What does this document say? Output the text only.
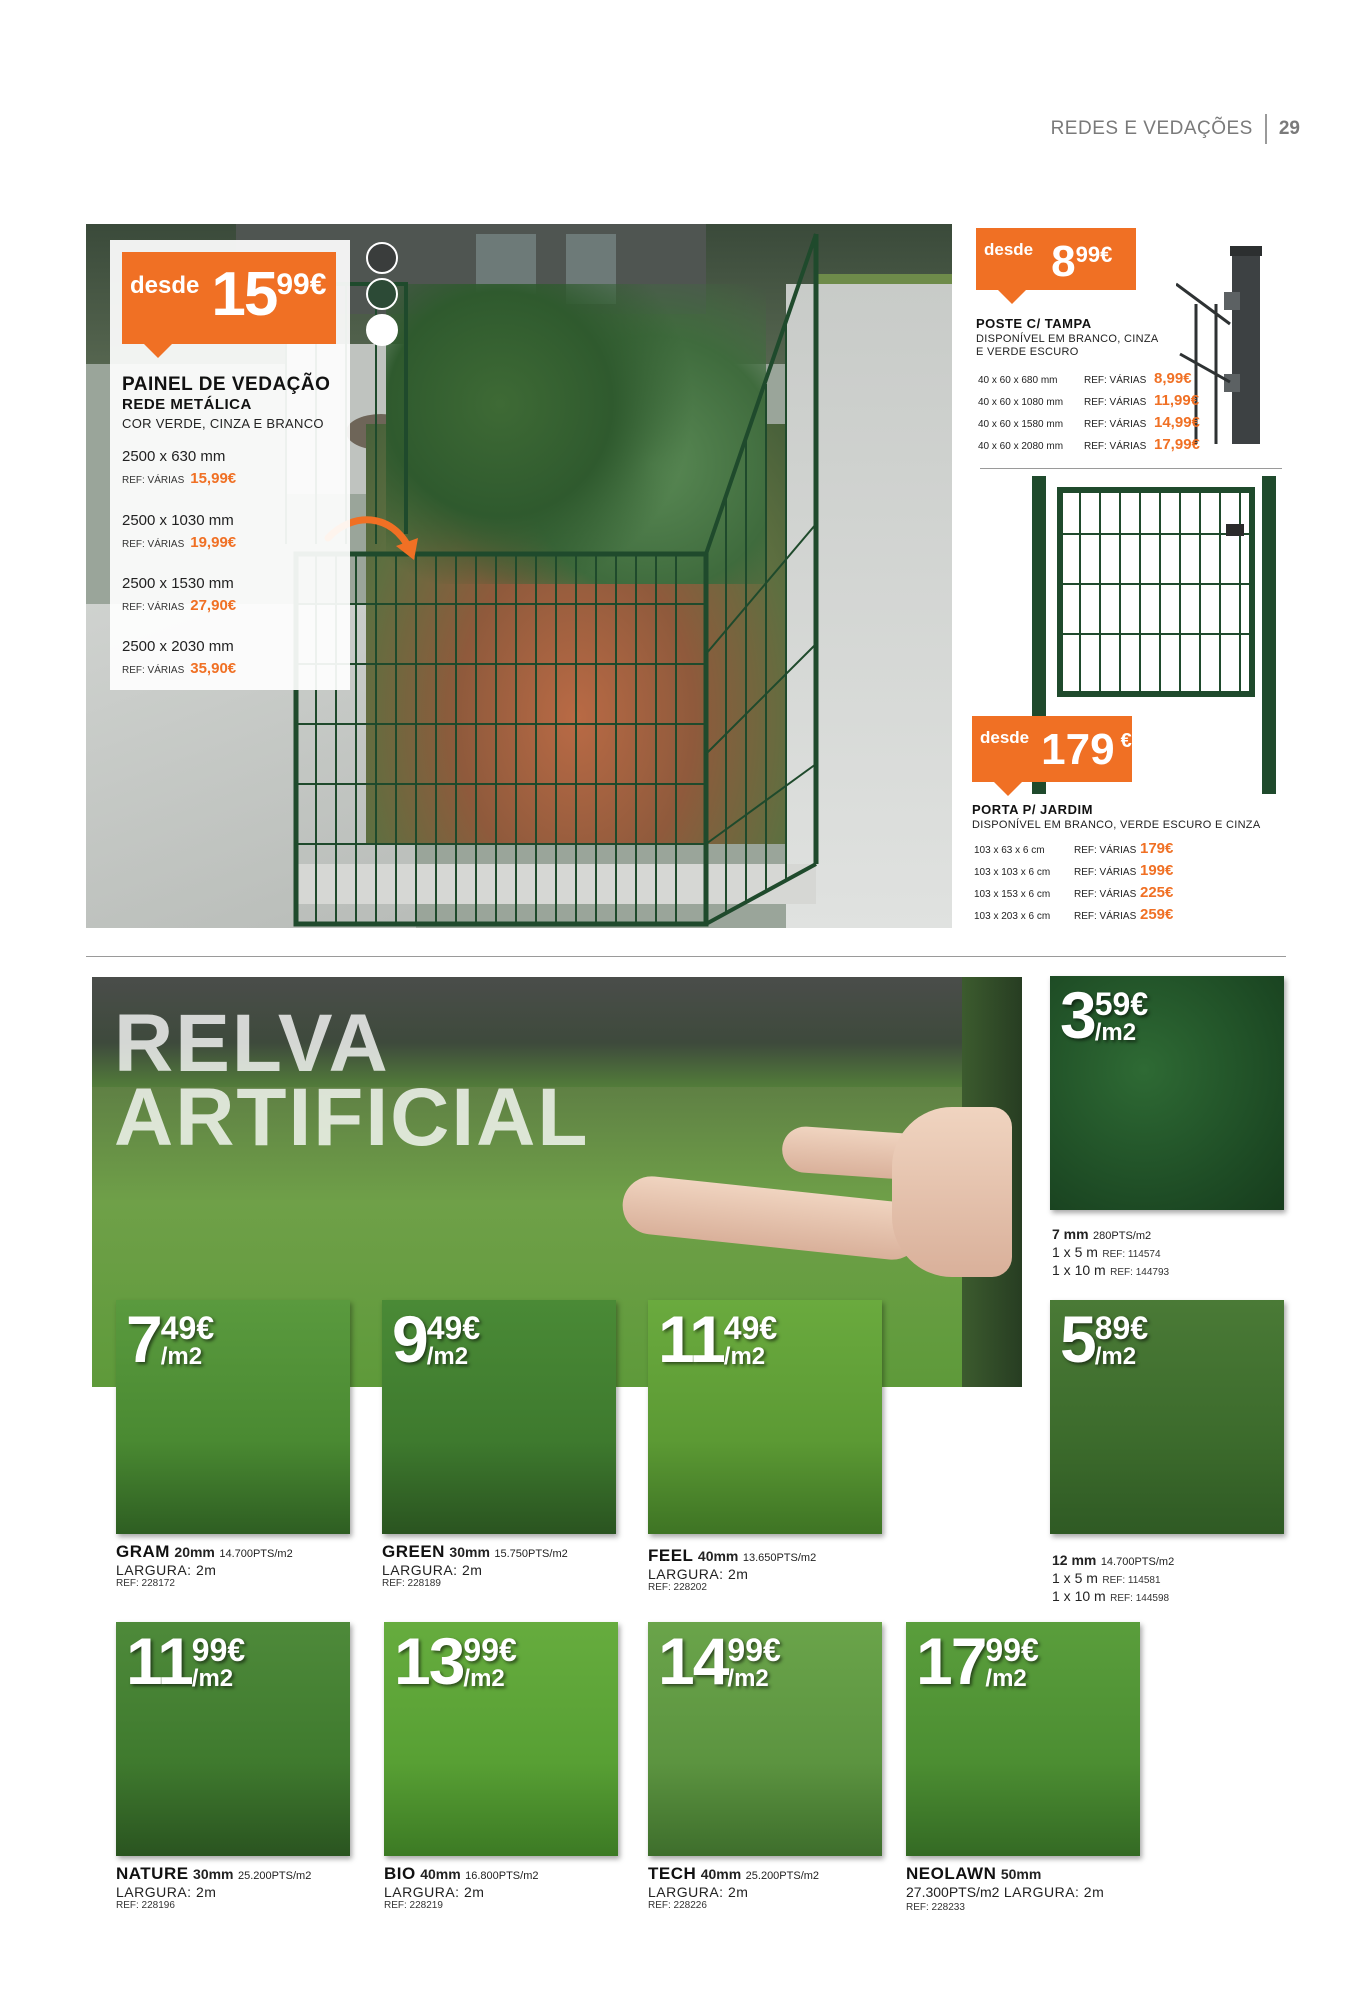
REDES E VEDAÇÕES	29
desde 15 99€
PAINEL DE VEDAÇÃO
REDE METÁLICA
COR VERDE, CINZA E BRANCO
2500 x 630 mm
REF: VÁRIAS 15,99€
2500 x 1030 mm
REF: VÁRIAS 19,99€
2500 x 1530 mm
REF: VÁRIAS 27,90€
2500 x 2030 mm
REF: VÁRIAS 35,90€
desde 8 99€
POSTE C/ TAMPA
DISPONÍVEL EM BRANCO, CINZA
E VERDE ESCURO
40 x 60 x 680 mm	REF: VÁRIAS 8,99€
40 x 60 x 1080 mm	REF: VÁRIAS 11,99€
40 x 60 x 1580 mm	REF: VÁRIAS 14,99€
40 x 60 x 2080 mm	REF: VÁRIAS 17,99€
desde 179 €
PORTA P/ JARDIM
DISPONÍVEL EM BRANCO, VERDE ESCURO E CINZA
103 x 63 x 6 cm	REF: VÁRIAS 179€
103 x 103 x 6 cm	REF: VÁRIAS 199€
103 x 153 x 6 cm	REF: VÁRIAS 225€
103 x 203 x 6 cm	REF: VÁRIAS 259€
RELVA
ARTIFICIAL
3 59€
/m2
7 mm 280PTS/m2
1 x 5 m REF: 114574
1 x 10 m REF: 144793
5 89€
/m2
12 mm 14.700PTS/m2
1 x 5 m REF: 114581
1 x 10 m REF: 144598
7 49€
/m2
GRAM 20mm 14.700PTS/m2
LARGURA: 2m
REF: 228172
9 49€
/m2
GREEN 30mm 15.750PTS/m2
LARGURA: 2m
REF: 228189
11 49€
/m2
FEEL 40mm 13.650PTS/m2
LARGURA: 2m
REF: 228202
11 99€
/m2
NATURE 30mm 25.200PTS/m2
LARGURA: 2m
REF: 228196
13 99€
/m2
BIO 40mm 16.800PTS/m2
LARGURA: 2m
REF: 228219
14 99€
/m2
TECH 40mm 25.200PTS/m2
LARGURA: 2m
REF: 228226
17 99€
/m2
NEOLAWN 50mm
27.300PTS/m2 LARGURA: 2m
REF: 228233
